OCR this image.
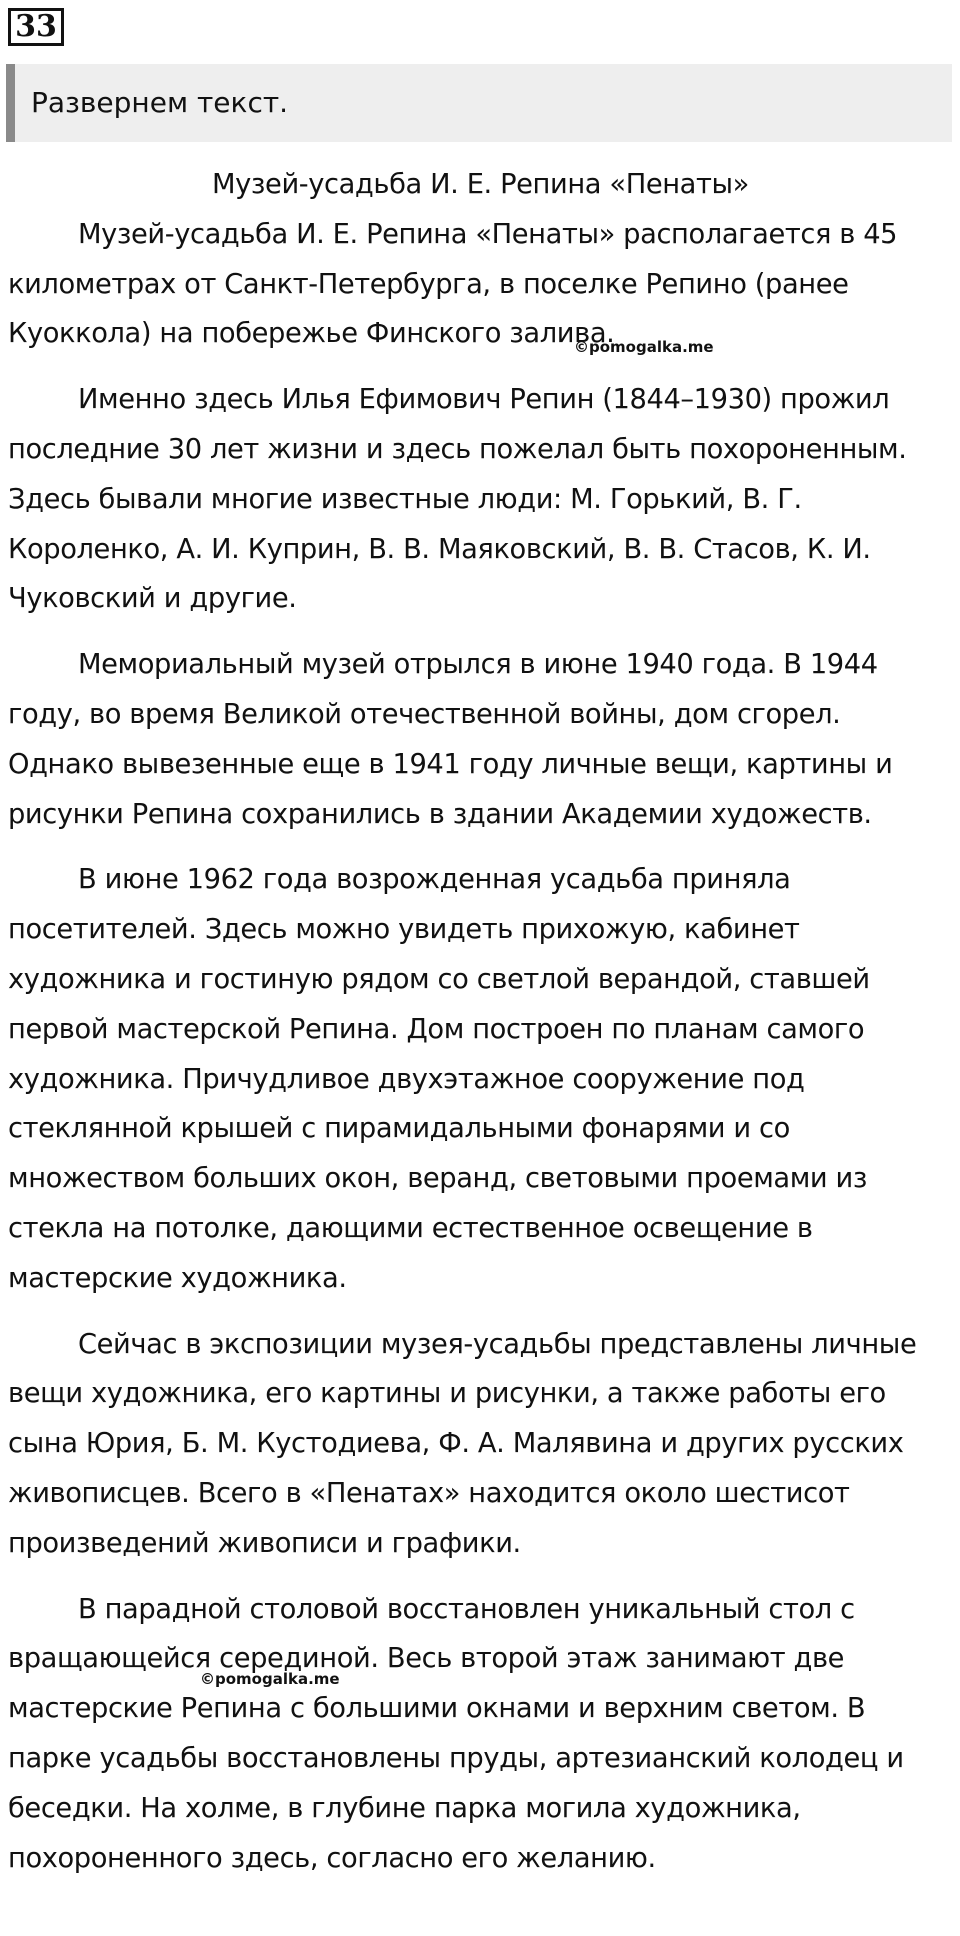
33
Развернем текст.
Музей-усадьба И. Е. Репина «Пенаты»

Музей-усадьба И. Е. Репина «Пенаты» располагается в 45 километрах от Санкт-Петербурга, в поселке Репино (ранее Куоккола) на побережье Финского залива.

Именно здесь Илья Ефимович Репин (1844–1930) прожил последние 30 лет жизни и здесь пожелал быть похороненным. Здесь бывали многие известные люди: М. Горький, В. Г. Короленко, А. И. Куприн, В. В. Маяковский, В. В. Стасов, К. И. Чуковский и другие.

Мемориальный музей отрылся в июне 1940 года. В 1944 году, во время Великой отечественной войны, дом сгорел. Однако вывезенные еще в 1941 году личные вещи, картины и рисунки Репина сохранились в здании Академии художеств.

В июне 1962 года возрожденная усадьба приняла посетителей. Здесь можно увидеть прихожую, кабинет художника и гостиную рядом со светлой верандой, ставшей первой мастерской Репина. Дом построен по планам самого художника. Причудливое двухэтажное сооружение под стеклянной крышей с пирамидальными фонарями и со множеством больших окон, веранд, световыми проемами из стекла на потолке, дающими естественное освещение в мастерские художника.

Сейчас в экспозиции музея-усадьбы представлены личные вещи художника, его картины и рисунки, а также работы его сына Юрия, Б. М. Кустодиева, Ф. А. Малявина и других русских живописцев. Всего в «Пенатах» находится около шестисот произведений живописи и графики.

В парадной столовой восстановлен уникальный стол с вращающейся серединой. Весь второй этаж занимают две мастерские Репина с большими окнами и верхним светом. В парке усадьбы восстановлены пруды, артезианский колодец и беседки. На холме, в глубине парка могила художника, похороненного здесь, согласно его желанию.

©pomogalka.me
©pomogalka.me
